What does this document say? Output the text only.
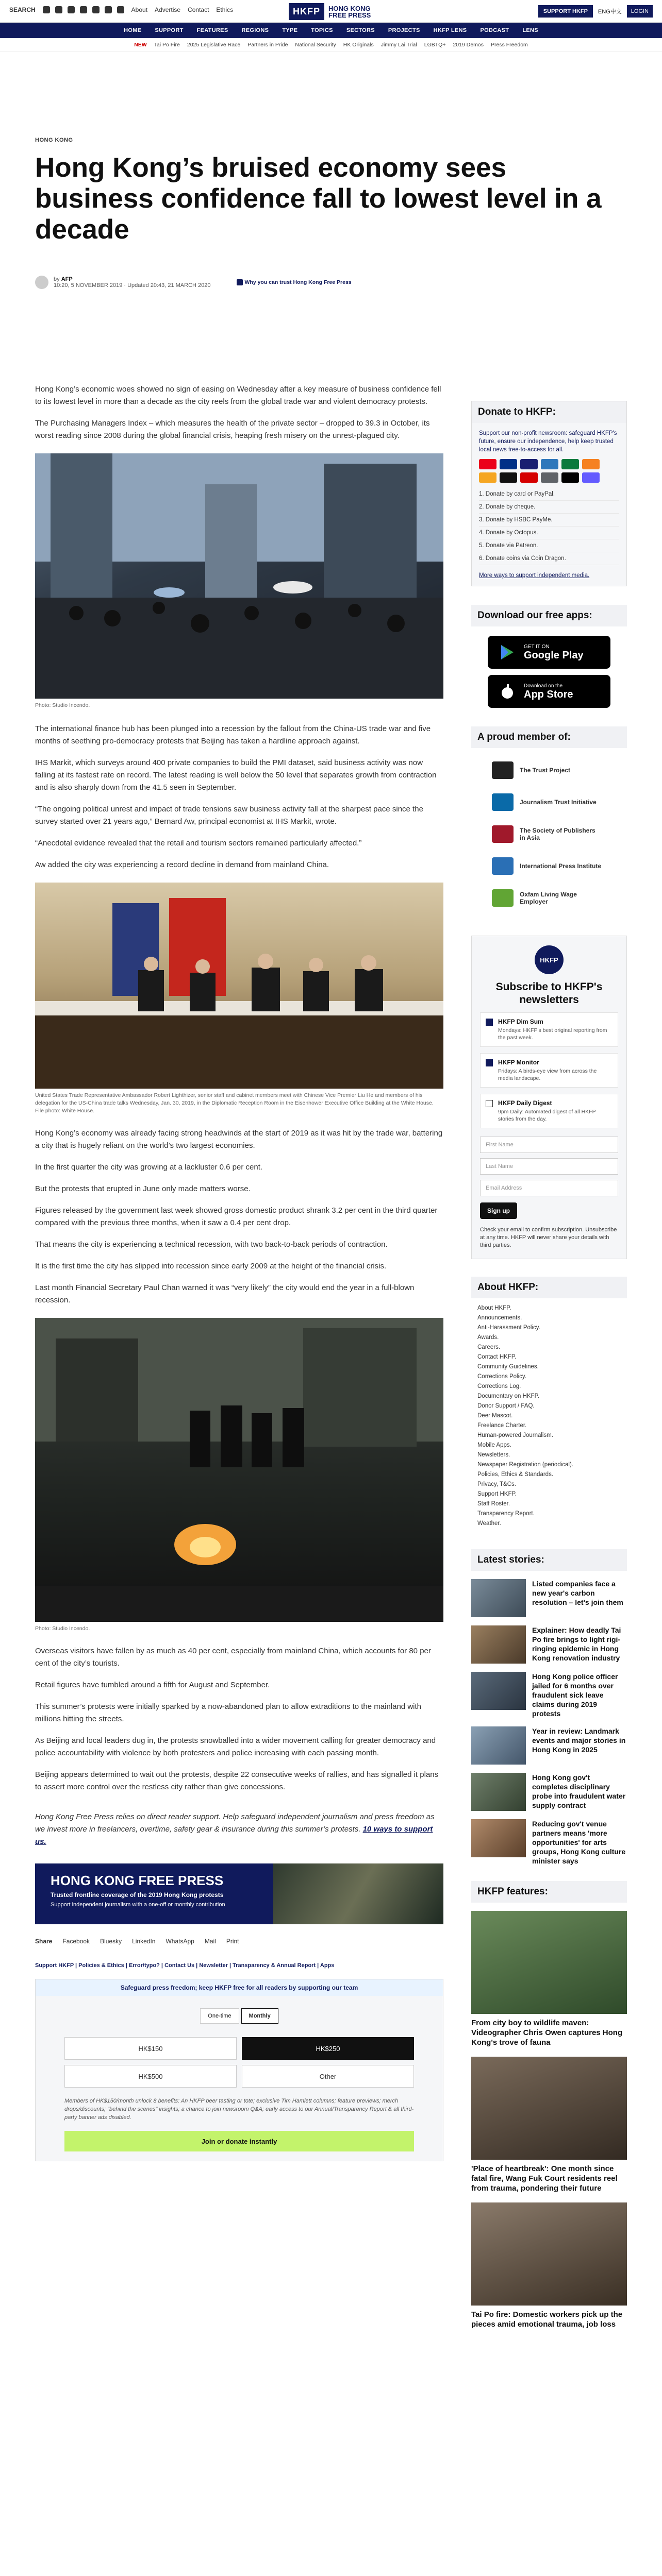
SEARCH	About Advertise Contact Ethics	HKFP	HONG KONG FREE PRESS	SUPPORT HKFP	ENG中文	LOGIN
HOME SUPPORT FEATURES REGIONS TYPE TOPICS SECTORS PROJECTS HKFP LENS PODCAST LENS
NEW Tai Po Fire 2025 Legislative Race Partners in Pride National Security HK Originals Jimmy Lai Trial LGBTQ+ 2019 Demos Press Freedom
HONG KONG
Hong Kong’s bruised economy sees business confidence fall to lowest level in a decade
by AFP
10:20, 5 NOVEMBER 2019 · Updated 20:43, 21 MARCH 2020
Why you can trust Hong Kong Free Press

Hong Kong’s economic woes showed no sign of easing on Wednesday after a key measure of business confidence fell to its lowest level in more than a decade as the city reels from the global trade war and violent democracy protests.

The Purchasing Managers Index – which measures the health of the private sector – dropped to 39.3 in October, its worst reading since 2008 during the global financial crisis, heaping fresh misery on the unrest-plagued city.

Photo: Studio Incendo.

The international finance hub has been plunged into a recession by the fallout from the China-US trade war and five months of seething pro-democracy protests that Beijing has taken a hardline approach against.

IHS Markit, which surveys around 400 private companies to build the PMI dataset, said business activity was now falling at its fastest rate on record. The latest reading is well below the 50 level that separates growth from contraction and is also sharply down from the 41.5 seen in September.

“The ongoing political unrest and impact of trade tensions saw business activity fall at the sharpest pace since the survey started over 21 years ago,” Bernard Aw, principal economist at IHS Markit, wrote.

“Anecdotal evidence revealed that the retail and tourism sectors remained particularly affected.”

Aw added the city was experiencing a record decline in demand from mainland China.

United States Trade Representative Ambassador Robert Lighthizer, senior staff and cabinet members meet with Chinese Vice Premier Liu He and members of his delegation for the US-China trade talks Wednesday, Jan. 30, 2019, in the Diplomatic Reception Room in the Eisenhower Executive Office Building at the White House. File photo: White House.

Hong Kong’s economy was already facing strong headwinds at the start of 2019 as it was hit by the trade war, battering a city that is hugely reliant on the world’s two largest economies.

In the first quarter the city was growing at a lackluster 0.6 per cent.

But the protests that erupted in June only made matters worse.

Figures released by the government last week showed gross domestic product shrank 3.2 per cent in the third quarter compared with the previous three months, when it saw a 0.4 per cent drop.

That means the city is experiencing a technical recession, with two back-to-back periods of contraction.

It is the first time the city has slipped into recession since early 2009 at the height of the financial crisis.

Last month Financial Secretary Paul Chan warned it was “very likely” the city would end the year in a full-blown recession.

Photo: Studio Incendo.

Overseas visitors have fallen by as much as 40 per cent, especially from mainland China, which accounts for 80 per cent of the city’s tourists.

Retail figures have tumbled around a fifth for August and September.

This summer’s protests were initially sparked by a now-abandoned plan to allow extraditions to the mainland with millions hitting the streets.

As Beijing and local leaders dug in, the protests snowballed into a wider movement calling for greater democracy and police accountability with violence by both protesters and police increasing with each passing month.

Beijing appears determined to wait out the protests, despite 22 consecutive weeks of rallies, and has signalled it plans to assert more control over the restless city rather than give concessions.

Hong Kong Free Press relies on direct reader support. Help safeguard independent journalism and press freedom as we invest more in freelancers, overtime, safety gear & insurance during this summer’s protests. 10 ways to support us.

HONG KONG FREE PRESS
Trusted frontline coverage of the 2019 Hong Kong protests
Support independent journalism with a one-off or monthly contribution
Share Facebook Bluesky LinkedIn WhatsApp Mail Print
Support HKFP | Policies & Ethics | Error/typo? | Contact Us | Newsletter | Transparency & Annual Report | Apps
Safeguard press freedom; keep HKFP free for all readers by supporting our team
One-time	Monthly
HK$150	HK$250
HK$500	Other
Members of HK$150/month unlock 8 benefits: An HKFP beer tasting or tote; exclusive Tim Hamlett columns; feature previews; merch drops/discounts; "behind the scenes" insights; a chance to join newsroom Q&A; early access to our Annual/Transparency Report & all third-party banner ads disabled.
Join or donate instantly
Donate to HKFP:
Support our non-profit newsroom: safeguard HKFP's future, ensure our independence, help keep trusted local news free-to-access for all.
1. Donate by card or PayPal.
2. Donate by cheque.
3. Donate by HSBC PayMe.
4. Donate by Octopus.
5. Donate via Patreon.
6. Donate coins via Coin Dragon.
More ways to support independent media.
Download our free apps:
GET IT ON
Google Play
Download on the
App Store
A proud member of:
The Trust Project
Journalism Trust Initiative
The Society of Publishers in Asia
International Press Institute
Oxfam Living Wage Employer
HKFP
Subscribe to HKFP's newsletters
HKFP Dim Sum
Mondays: HKFP's best original reporting from the past week.
HKFP Monitor
Fridays: A birds-eye view from across the media landscape.
HKFP Daily Digest
9pm Daily: Automated digest of all HKFP stories from the day.
First Name
Last Name
Email Address
Sign up
Check your email to confirm subscription. Unsubscribe at any time. HKFP will never share your details with third parties.
About HKFP:
About HKFP.
Announcements.
Anti-Harassment Policy.
Awards.
Careers.
Contact HKFP.
Community Guidelines.
Corrections Policy.
Corrections Log.
Documentary on HKFP.
Donor Support / FAQ.
Deer Mascot.
Freelance Charter.
Human-powered Journalism.
Mobile Apps.
Newsletters.
Newspaper Registration (periodical).
Policies, Ethics & Standards.
Privacy, T&Cs.
Support HKFP.
Staff Roster.
Transparency Report.
Weather.
Latest stories:
Listed companies face a new year's carbon resolution – let's join them
Explainer: How deadly Tai Po fire brings to light rigi-ringing epidemic in Hong Kong renovation industry
Hong Kong police officer jailed for 6 months over fraudulent sick leave claims during 2019 protests
Year in review: Landmark events and major stories in Hong Kong in 2025
Hong Kong gov't completes disciplinary probe into fraudulent water supply contract
Reducing gov't venue partners means 'more opportunities' for arts groups, Hong Kong culture minister says
HKFP features:
From city boy to wildlife maven: Videographer Chris Owen captures Hong Kong's trove of fauna
'Place of heartbreak': One month since fatal fire, Wang Fuk Court residents reel from trauma, pondering their future
Tai Po fire: Domestic workers pick up the pieces amid emotional trauma, job loss
